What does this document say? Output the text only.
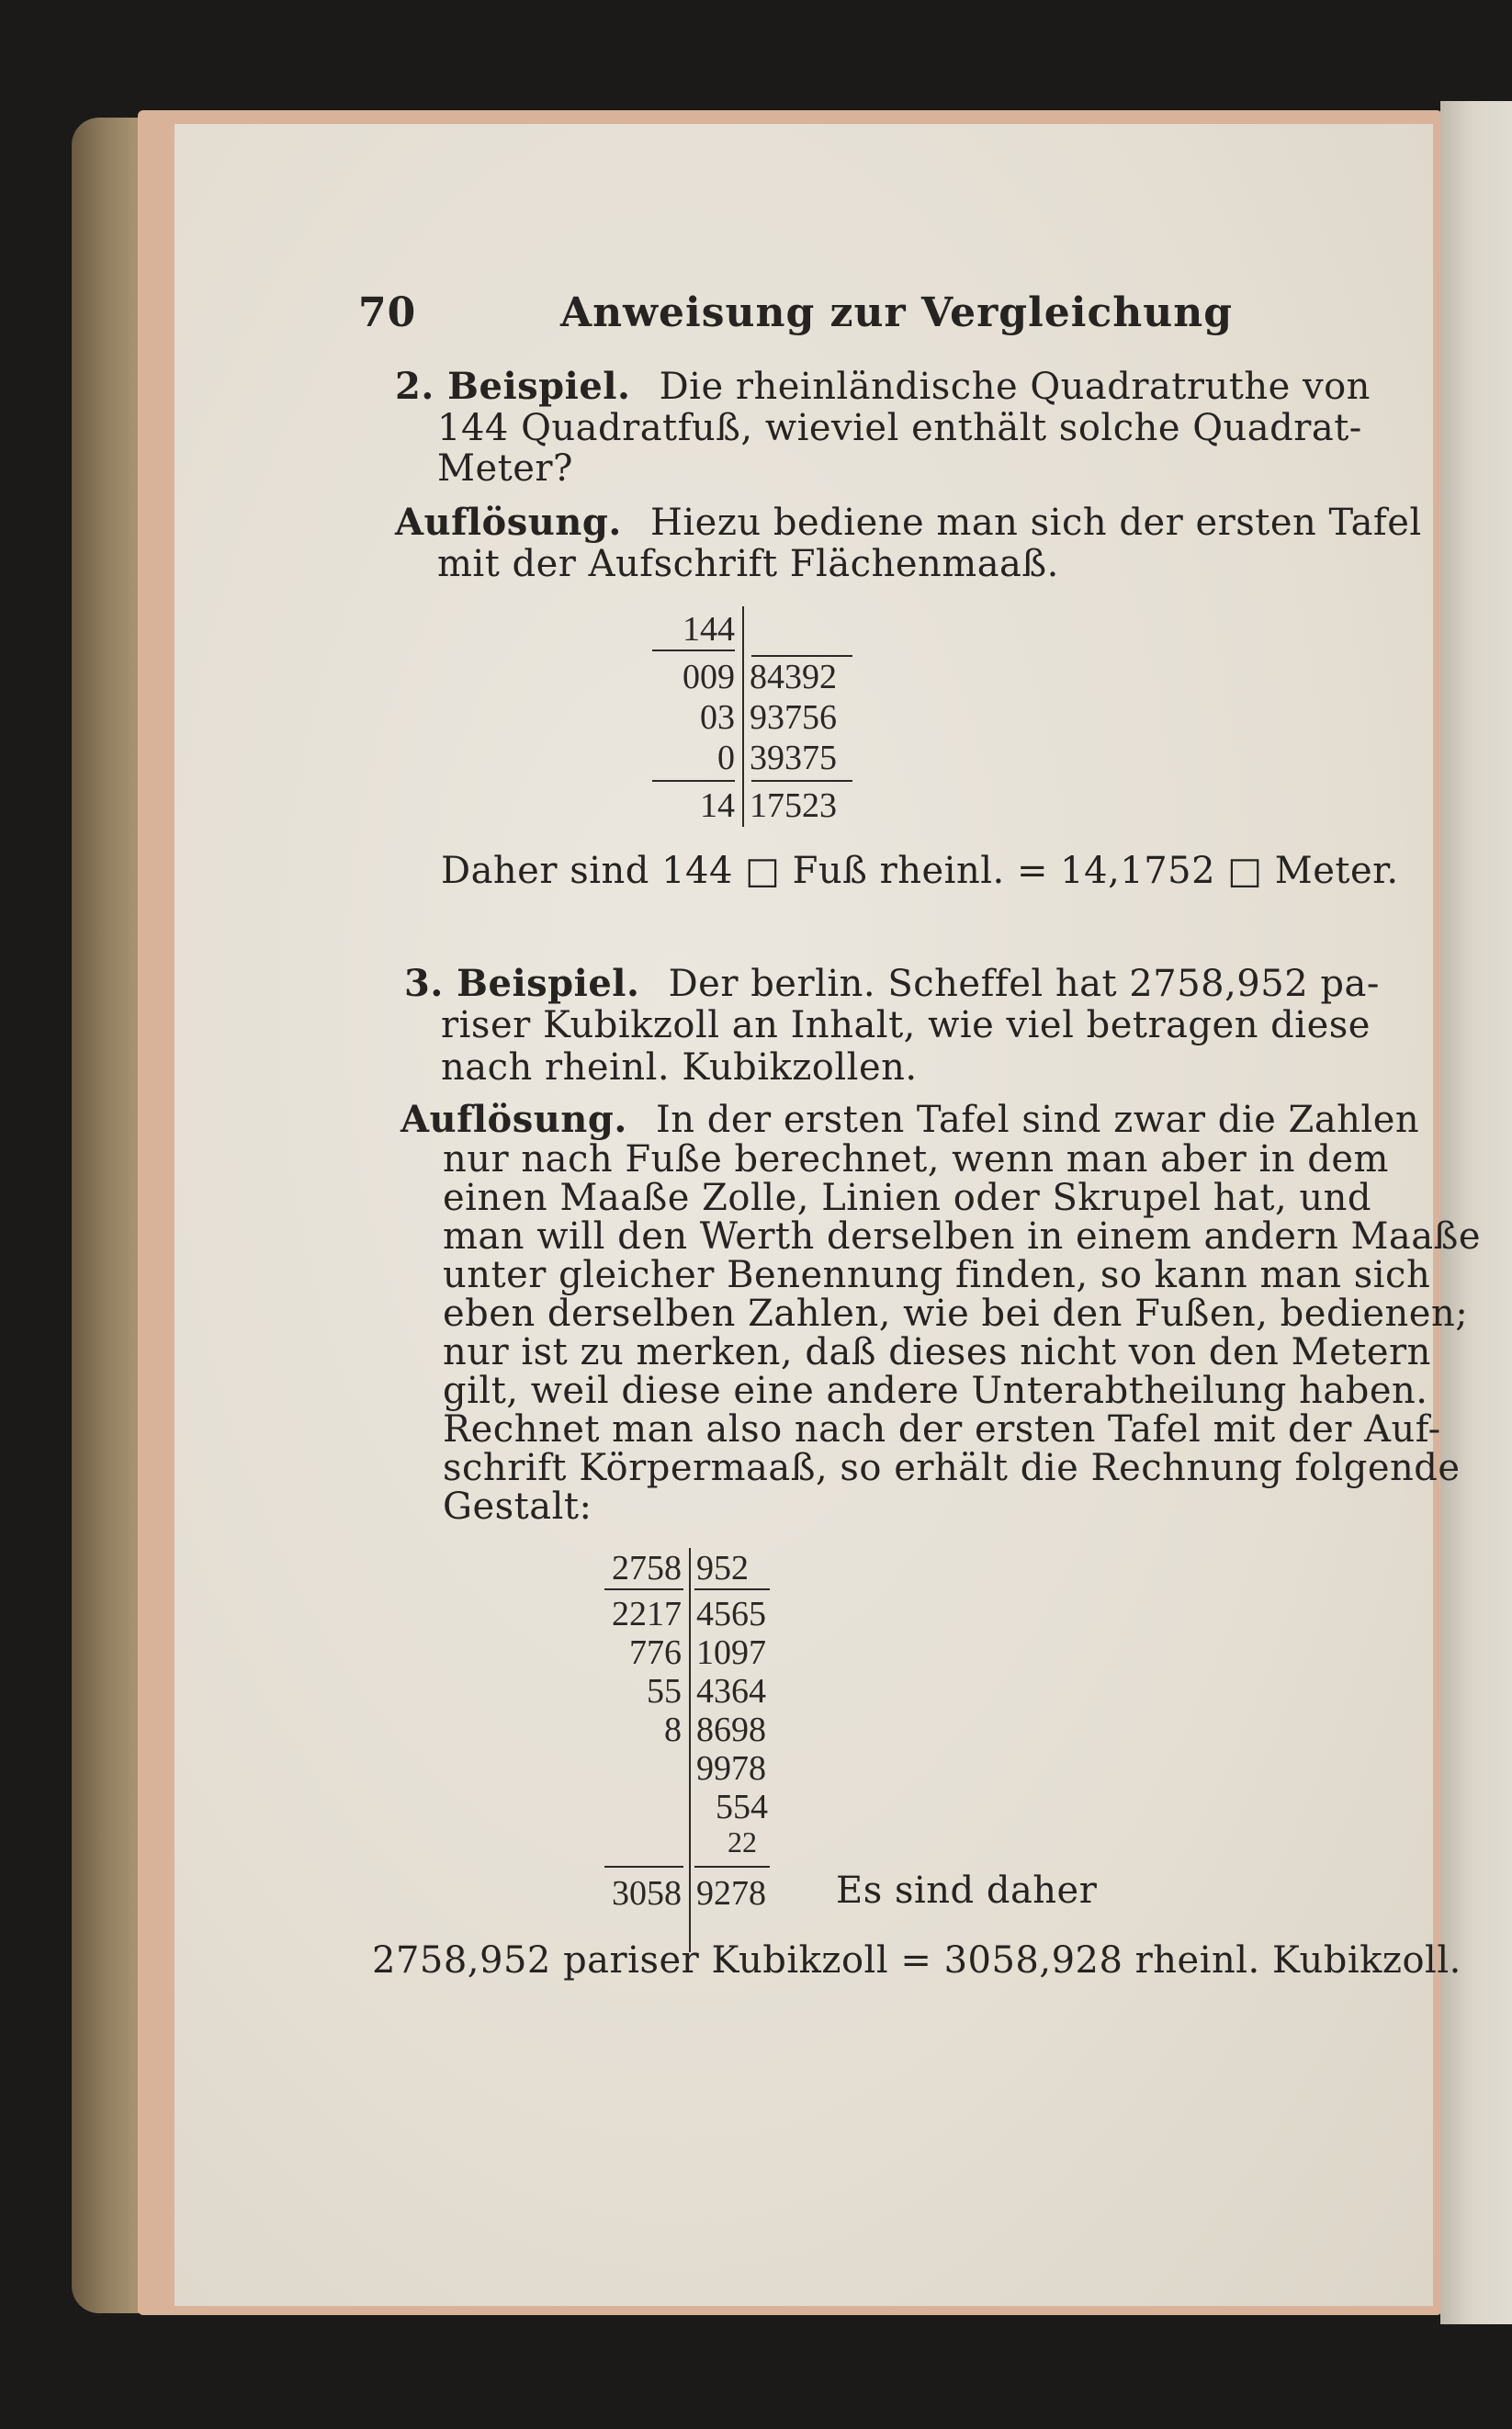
70	Anweisung zur Vergleichung
2. Beispiel. Die rheinländische Quadratruthe von
144 Quadratfuß, wieviel enthält solche Quadrat-
Meter?
Auflösung. Hiezu bediene man sich der ersten Tafel
mit der Aufschrift Flächenmaaß.
144
009 84392
03 93756
0 39375
14 17523
Daher sind 144 □ Fuß rheinl. = 14,1752 □ Meter.
3. Beispiel. Der berlin. Scheffel hat 2758,952 pa-
riser Kubikzoll an Inhalt, wie viel betragen diese
nach rheinl. Kubikzollen.
Auflösung. In der ersten Tafel sind zwar die Zahlen
nur nach Fuße berechnet, wenn man aber in dem
einen Maaße Zolle, Linien oder Skrupel hat, und
man will den Werth derselben in einem andern Maaße
unter gleicher Benennung finden, so kann man sich
eben derselben Zahlen, wie bei den Fußen, bedienen;
nur ist zu merken, daß dieses nicht von den Metern
gilt, weil diese eine andere Unterabtheilung haben.
Rechnet man also nach der ersten Tafel mit der Auf-
schrift Körpermaaß, so erhält die Rechnung folgende
Gestalt:
2758 952
2217 4565
776 1097
55 4364
8 8698
9978
554
22
3058 9278 Es sind daher
2758,952 pariser Kubikzoll = 3058,928 rheinl. Kubikzoll.
